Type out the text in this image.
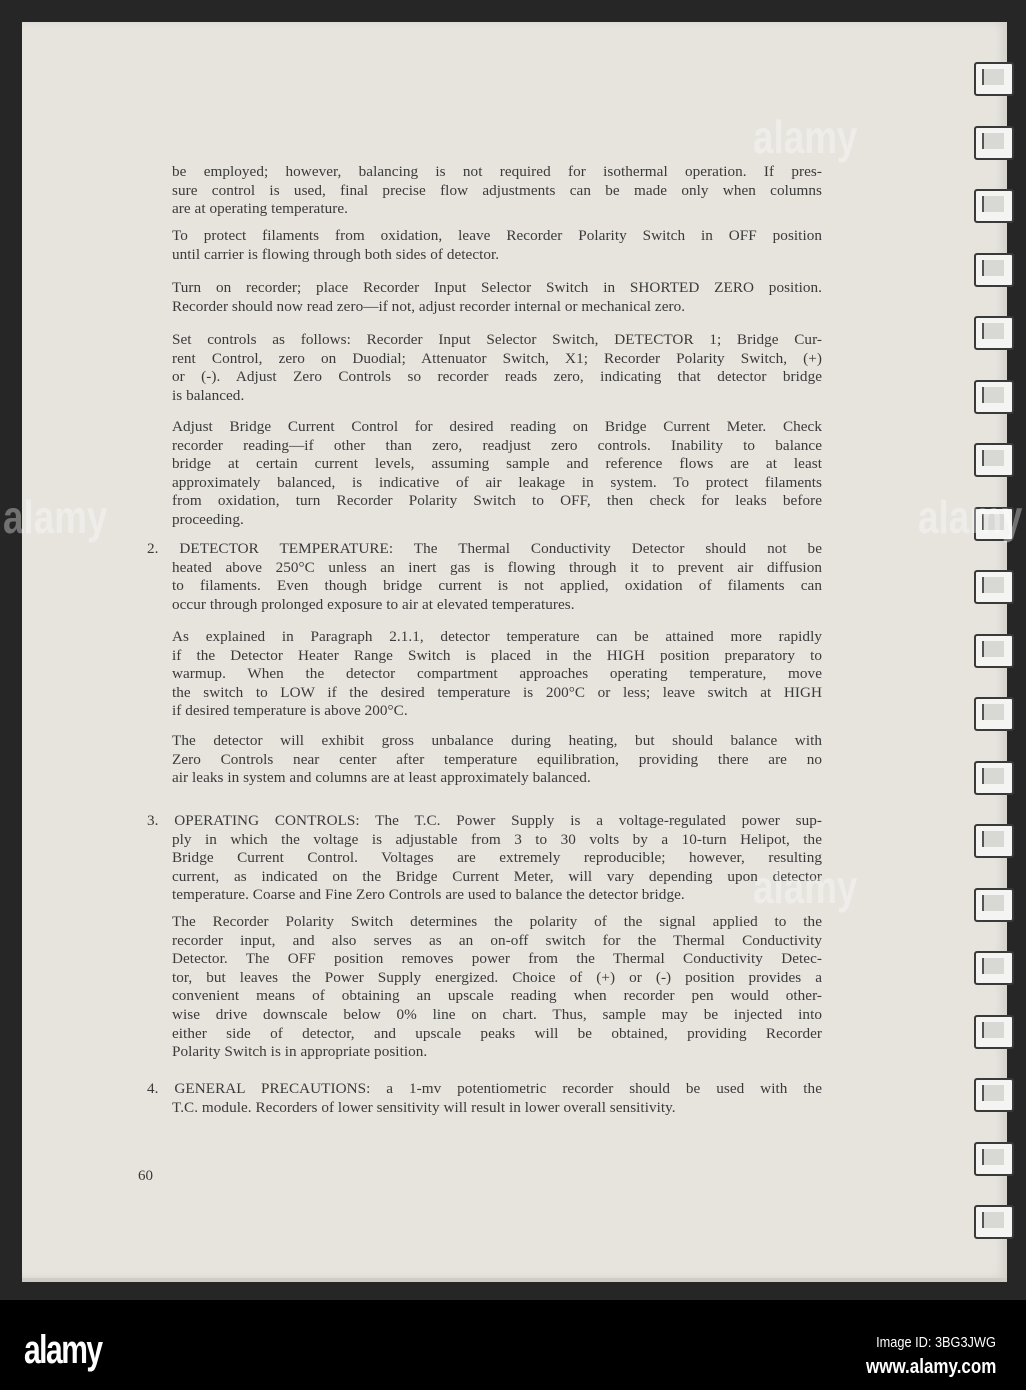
be employed; however, balancing is not required for isothermal operation. If pres-
sure control is used, final precise flow adjustments can be made only when columns
are at operating temperature.
To protect filaments from oxidation, leave Recorder Polarity Switch in OFF position
until carrier is flowing through both sides of detector.
Turn on recorder; place Recorder Input Selector Switch in SHORTED ZERO position.
Recorder should now read zero—if not, adjust recorder internal or mechanical zero.
Set controls as follows: Recorder Input Selector Switch, DETECTOR 1; Bridge Cur-
rent Control, zero on Duodial; Attenuator Switch, X1; Recorder Polarity Switch, (+)
or (-). Adjust Zero Controls so recorder reads zero, indicating that detector bridge
is balanced.
Adjust Bridge Current Control for desired reading on Bridge Current Meter. Check
recorder reading—if other than zero, readjust zero controls. Inability to balance
bridge at certain current levels, assuming sample and reference flows are at least
approximately balanced, is indicative of air leakage in system. To protect filaments
from oxidation, turn Recorder Polarity Switch to OFF, then check for leaks before
proceeding.
2. DETECTOR TEMPERATURE: The Thermal Conductivity Detector should not be
heated above 250°C unless an inert gas is flowing through it to prevent air diffusion
to filaments. Even though bridge current is not applied, oxidation of filaments can
occur through prolonged exposure to air at elevated temperatures.
As explained in Paragraph 2.1.1, detector temperature can be attained more rapidly
if the Detector Heater Range Switch is placed in the HIGH position preparatory to
warmup. When the detector compartment approaches operating temperature, move
the switch to LOW if the desired temperature is 200°C or less; leave switch at HIGH
if desired temperature is above 200°C.
The detector will exhibit gross unbalance during heating, but should balance with
Zero Controls near center after temperature equilibration, providing there are no
air leaks in system and columns are at least approximately balanced.
3. OPERATING CONTROLS: The T.C. Power Supply is a voltage-regulated power sup-
ply in which the voltage is adjustable from 3 to 30 volts by a 10-turn Helipot, the
Bridge Current Control. Voltages are extremely reproducible; however, resulting
current, as indicated on the Bridge Current Meter, will vary depending upon detector
temperature. Coarse and Fine Zero Controls are used to balance the detector bridge.
The Recorder Polarity Switch determines the polarity of the signal applied to the
recorder input, and also serves as an on-off switch for the Thermal Conductivity
Detector. The OFF position removes power from the Thermal Conductivity Detec-
tor, but leaves the Power Supply energized. Choice of (+) or (-) position provides a
convenient means of obtaining an upscale reading when recorder pen would other-
wise drive downscale below 0% line on chart. Thus, sample may be injected into
either side of detector, and upscale peaks will be obtained, providing Recorder
Polarity Switch is in appropriate position.
4. GENERAL PRECAUTIONS: a 1-mv potentiometric recorder should be used with the
T.C. module. Recorders of lower sensitivity will result in lower overall sensitivity.
60
alamy
alamy	alamy
alamy
alamy	Image ID: 3BG3JWG
www.alamy.com
